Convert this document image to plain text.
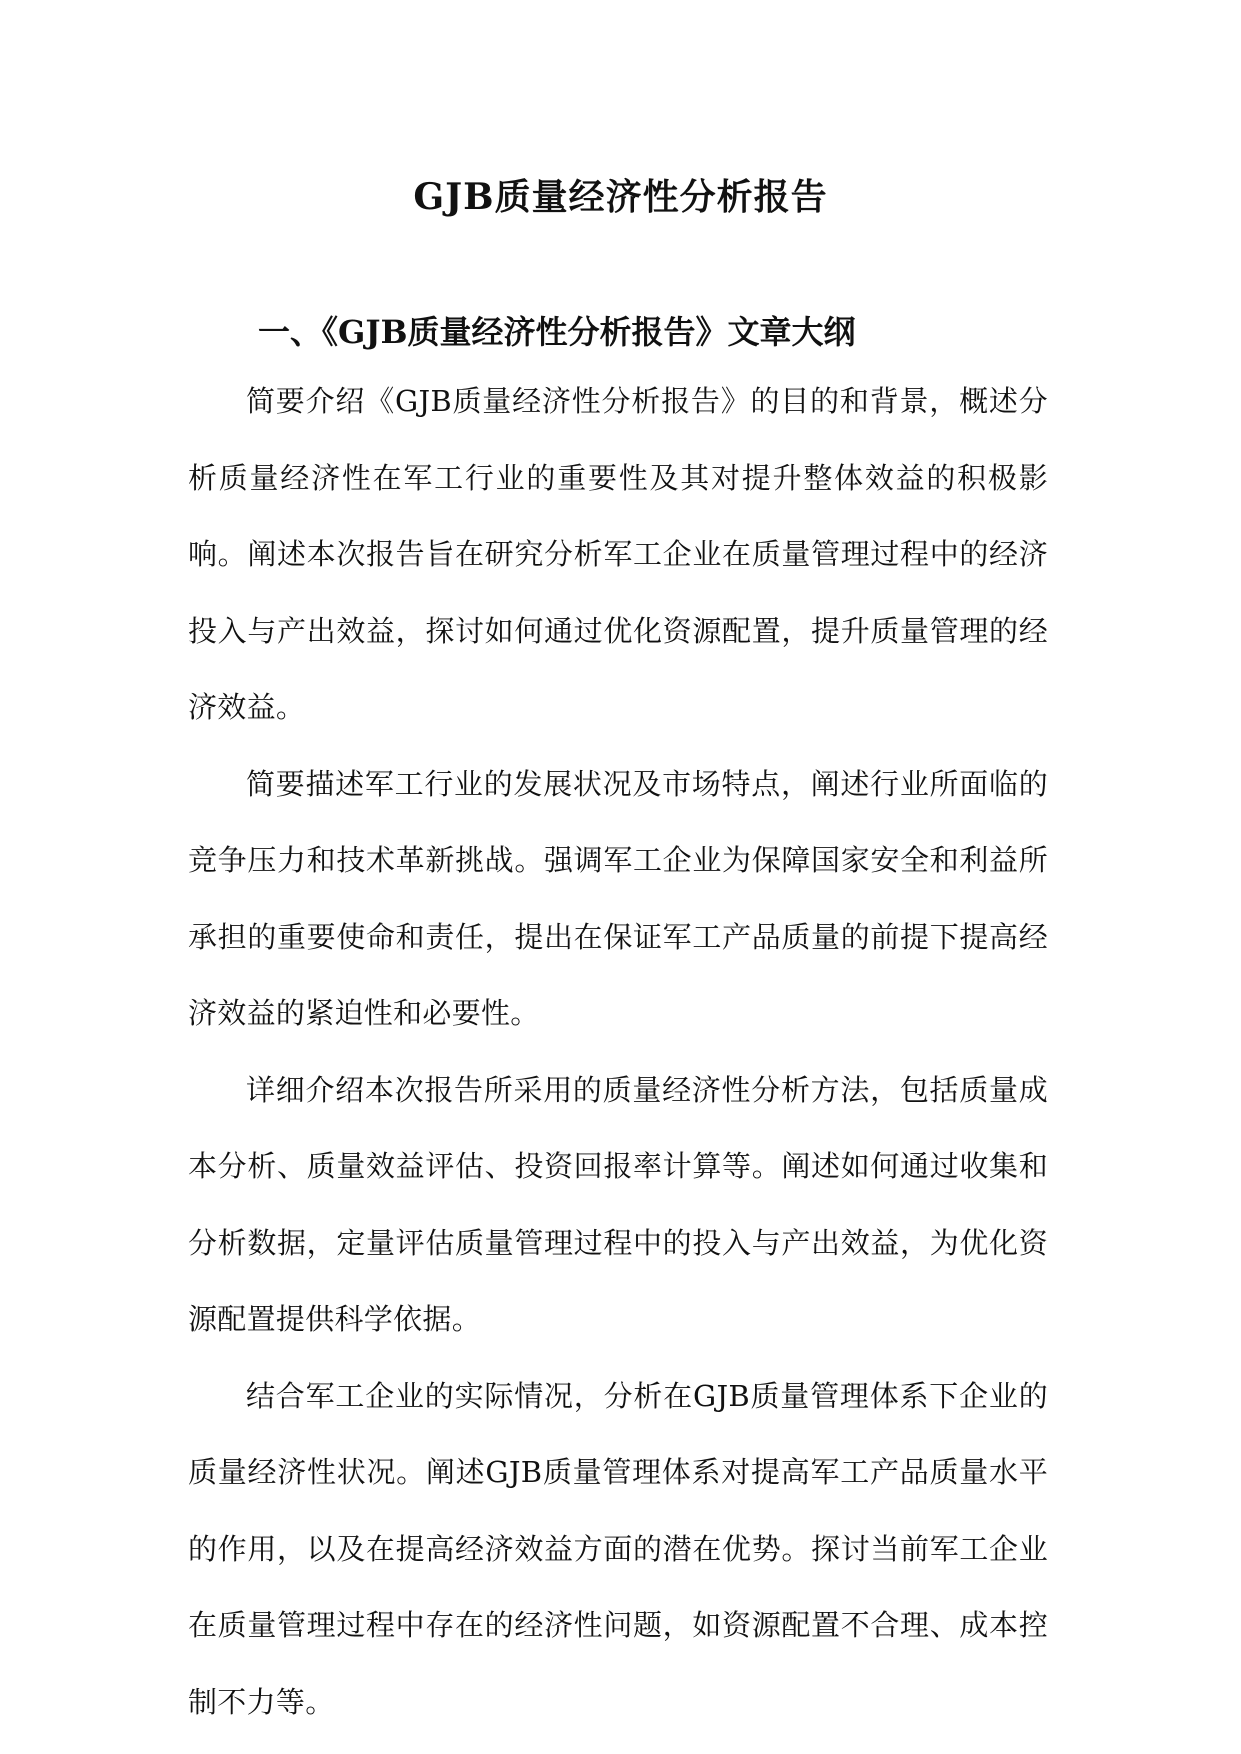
GJB质量经济性分析报告
一、《GJB质量经济性分析报告》文章大纲

简要介绍《GJB质量经济性分析报告》的目的和背景，概述分析质量经济性在军工行业的重要性及其对提升整体效益的积极影响。阐述本次报告旨在研究分析军工企业在质量管理过程中的经济投入与产出效益，探讨如何通过优化资源配置，提升质量管理的经济效益。

简要描述军工行业的发展状况及市场特点，阐述行业所面临的竞争压力和技术革新挑战。强调军工企业为保障国家安全和利益所承担的重要使命和责任，提出在保证军工产品质量的前提下提高经济效益的紧迫性和必要性。

详细介绍本次报告所采用的质量经济性分析方法，包括质量成本分析、质量效益评估、投资回报率计算等。阐述如何通过收集和分析数据，定量评估质量管理过程中的投入与产出效益，为优化资源配置提供科学依据。

结合军工企业的实际情况，分析在GJB质量管理体系下企业的质量经济性状况。阐述GJB质量管理体系对提高军工产品质量水平的作用，以及在提高经济效益方面的潜在优势。探讨当前军工企业在质量管理过程中存在的经济性问题，如资源配置不合理、成本控制不力等。
